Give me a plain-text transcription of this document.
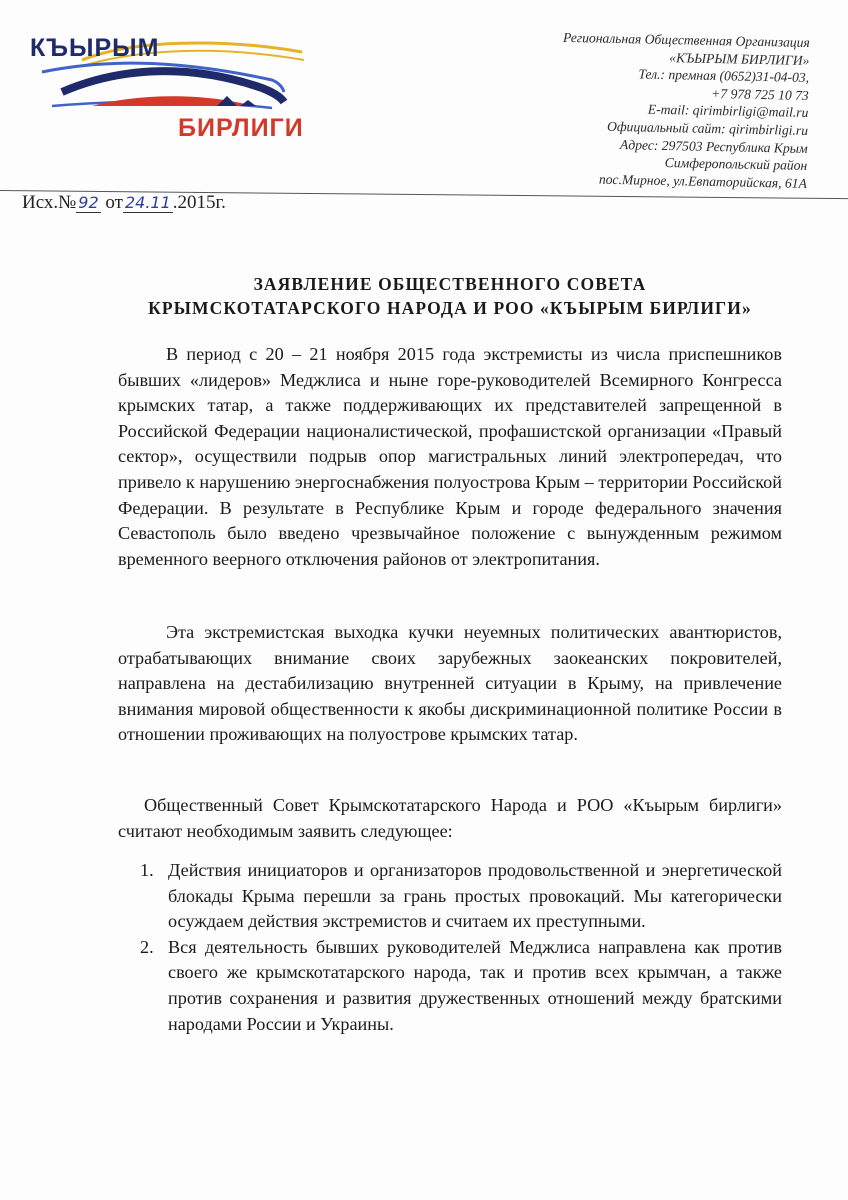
КЪЫРЫМ
БИРЛИГИ
Региональная Общественная Организация
«КЪЫРЫМ БИРЛИГИ»
Тел.: премная (0652)31-04-03,
+7 978 725 10 73
E-mail: qirimbirligi@mail.ru
Официальный сайт: qirimbirligi.ru
Адрес: 297503 Республика Крым
Симферопольский район
пос.Мирное, ул.Евпаторийская, 61А
Исх.№ 92 от 24.11 .2015г.
ЗАЯВЛЕНИЕ ОБЩЕСТВЕННОГО СОВЕТА
КРЫМСКОТАТАРСКОГО НАРОДА И РОО «КЪЫРЫМ БИРЛИГИ»
В период с 20 – 21 ноября 2015 года экстремисты из числа приспешников бывших «лидеров» Меджлиса и ныне горе-руководителей Всемирного Конгресса крымских татар, а также поддерживающих их представителей запрещенной в Российской Федерации националистической, профашистской организации «Правый сектор», осуществили подрыв опор магистральных линий электропередач, что привело к нарушению энергоснабжения полуострова Крым – территории Российской Федерации. В результате в Республике Крым и городе федерального значения Севастополь было введено чрезвычайное положение с вынужденным режимом временного веерного отключения районов от электропитания.
Эта экстремистская выходка кучки неуемных политических авантюристов, отрабатывающих внимание своих зарубежных заокеанских покровителей, направлена на дестабилизацию внутренней ситуации в Крыму, на привлечение внимания мировой общественности к якобы дискриминационной политике России в отношении проживающих на полуострове крымских татар.
Общественный Совет Крымскотатарского Народа и РОО «Къырым бирлиги» считают необходимым заявить следующее:
1. Действия инициаторов и организаторов продовольственной и энергетической блокады Крыма перешли за грань простых провокаций. Мы категорически осуждаем действия экстремистов и считаем их преступными.
2. Вся деятельность бывших руководителей Меджлиса направлена как против своего же крымскотатарского народа, так и против всех крымчан, а также против сохранения и развития дружественных отношений между братскими народами России и Украины.
